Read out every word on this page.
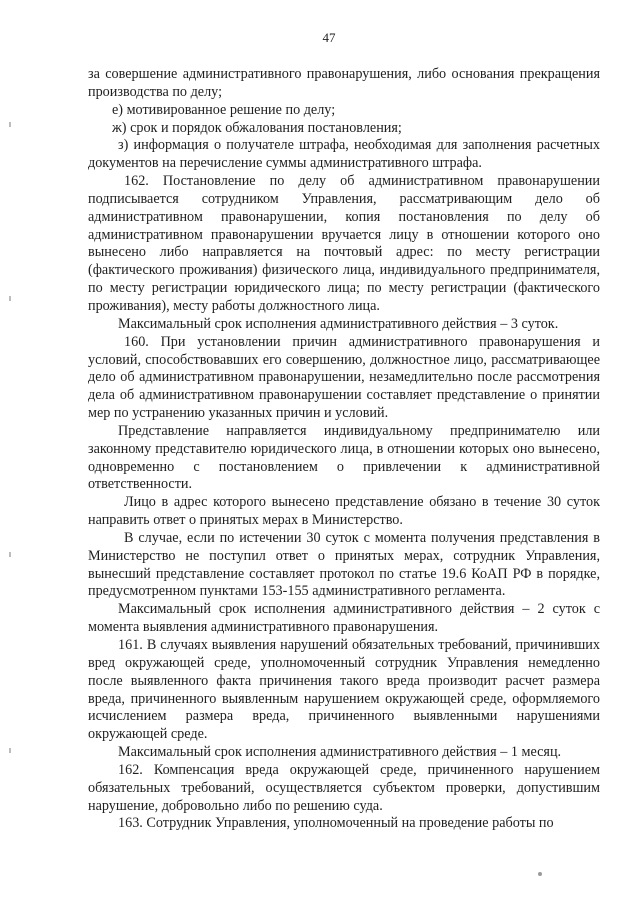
47

за совершение административного правонарушения, либо основания прекращения производства по делу;

е) мотивированное решение по делу;

ж) срок и порядок обжалования постановления;

з) информация о получателе штрафа, необходимая для заполнения расчетных документов на перечисление суммы административного штрафа.

162. Постановление по делу об административном правонарушении подписывается сотрудником Управления, рассматривающим дело об административном правонарушении, копия постановления по делу об административном правонарушении вручается лицу в отношении которого оно вынесено либо направляется на почтовый адрес: по месту регистрации (фактического проживания) физического лица, индивидуального предпринимателя, по месту регистрации юридического лица; по месту регистрации (фактического проживания), месту работы должностного лица.

Максимальный срок исполнения административного действия – 3 суток.

160. При установлении причин административного правонарушения и условий, способствовавших его совершению, должностное лицо, рассматривающее дело об административном правонарушении, незамедлительно после рассмотрения дела об административном правонарушении составляет представление о принятии мер по устранению указанных причин и условий.

Представление направляется индивидуальному предпринимателю или законному представителю юридического лица, в отношении которых оно вынесено, одновременно с постановлением о привлечении к административной ответственности.

Лицо в адрес которого вынесено представление обязано в течение 30 суток направить ответ о принятых мерах в Министерство.

В случае, если по истечении 30 суток с момента получения представления в Министерство не поступил ответ о принятых мерах, сотрудник Управления, вынесший представление составляет протокол по статье 19.6 КоАП РФ в порядке, предусмотренном пунктами 153-155 административного регламента.

Максимальный срок исполнения административного действия – 2 суток с момента выявления административного правонарушения.

161. В случаях выявления нарушений обязательных требований, причинивших вред окружающей среде, уполномоченный сотрудник Управления немедленно после выявленного факта причинения такого вреда производит расчет размера вреда, причиненного выявленным нарушением окружающей среде, оформляемого исчислением размера вреда, причиненного выявленными нарушениями окружающей среде.

Максимальный срок исполнения административного действия – 1 месяц.

162. Компенсация вреда окружающей среде, причиненного нарушением обязательных требований, осуществляется субъектом проверки, допустившим нарушение, добровольно либо по решению суда.

163. Сотрудник Управления, уполномоченный на проведение работы по
